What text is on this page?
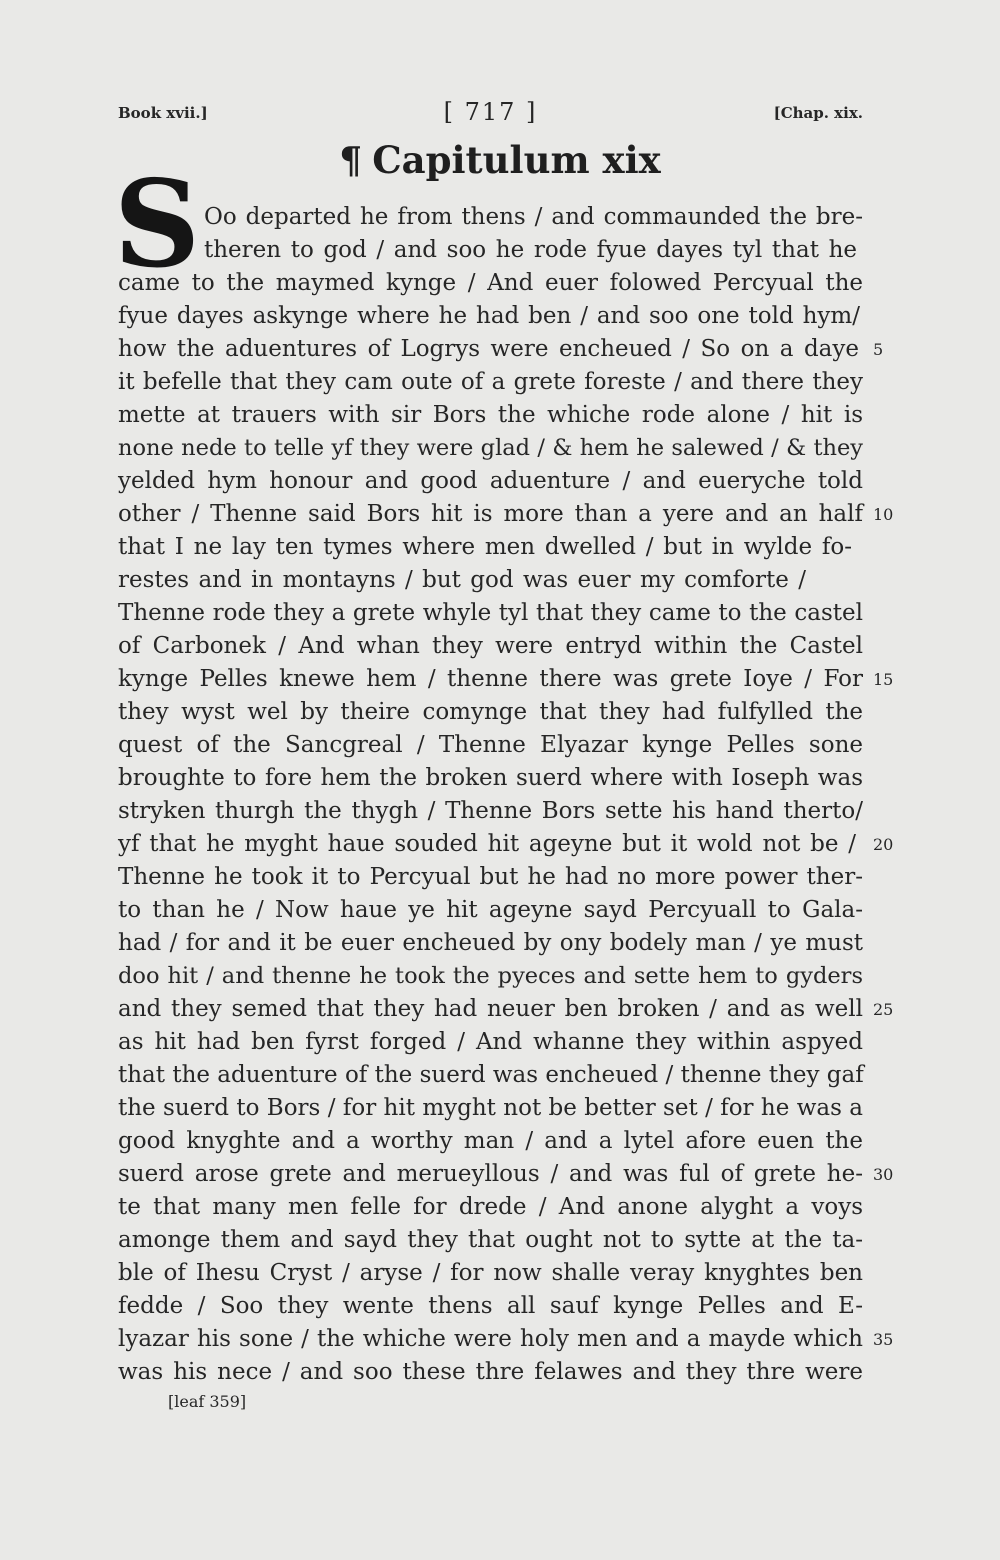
Book xvii.]	[ 717 ]	[Chap. xix.
¶ Capitulum xix
S Oo departed he from thens / and commaunded the bre-
theren to god / and soo he rode fyue dayes tyl that he
came to the maymed kynge / And euer folowed Percyual the
fyue dayes askynge where he had ben / and soo one told hym/
how the aduentures of Logrys were encheued / So on a daye
it befelle that they cam oute of a grete foreste / and there they
mette at trauers with sir Bors the whiche rode alone / hit is
none nede to telle yf they were glad / & hem he salewed / & they
yelded hym honour and good aduenture / and eueryche told
other / Thenne said Bors hit is more than a yere and an half
that I ne lay ten tymes where men dwelled / but in wylde fo-
restes and in montayns / but god was euer my comforte /
Thenne rode they a grete whyle tyl that they came to the castel
of Carbonek / And whan they were entryd within the Castel
kynge Pelles knewe hem / thenne there was grete Ioye / For
they wyst wel by theire comynge that they had fulfylled the
quest of the Sancgreal / Thenne Elyazar kynge Pelles sone
broughte to fore hem the broken suerd where with Ioseph was
stryken thurgh the thygh / Thenne Bors sette his hand therto/
yf that he myght haue souded hit ageyne but it wold not be /
Thenne he took it to Percyual but he had no more power ther-
to than he / Now haue ye hit ageyne sayd Percyuall to Gala-
had / for and it be euer encheued by ony bodely man / ye must
doo hit / and thenne he took the pyeces and sette hem to gyders
and they semed that they had neuer ben broken / and as well
as hit had ben fyrst forged / And whanne they within aspyed
that the aduenture of the suerd was encheued / thenne they gaf
the suerd to Bors / for hit myght not be better set / for he was a
good knyghte and a worthy man / and a lytel afore euen the
suerd arose grete and merueyllous / and was ful of grete he-
te that many men felle for drede / And anone alyght a voys
amonge them and sayd they that ought not to sytte at the ta-
ble of Ihesu Cryst / aryse / for now shalle veray knyghtes ben
fedde / Soo they wente thens all sauf kynge Pelles and E-
lyazar his sone / the whiche were holy men and a mayde which
was his nece / and soo these thre felawes and they thre were
5
10
15
20
25
30
35
[leaf 359]
